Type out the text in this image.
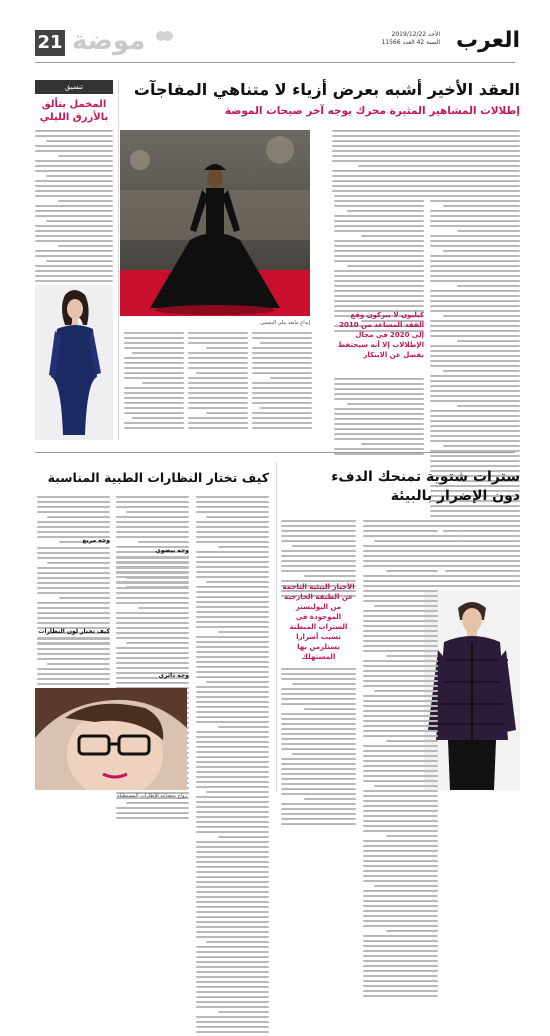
العرب
الأحد 2019/12/22
السنة 42 العدد 11566
موضة
21
العقد الأخير أشبه بعرض أزياء لا متناهي المفاجآت
إطلالات المشاهير المثيرة محرك يوجه آخر صيحات الموضة
تنسيق
المخمل يتألق
بالأزرق الليلي
إبداع مابعد بيلي البنسين
كيليون لا يبركون وقع الفقد المساعد من 2010 إلى 2020 في مجال الإطلالات إلا أنه سيحتفظ بفضل عن الابتكار
سترات شتوية تمنحك الدفء
دون الإضرار بالبيئة
الأخبار البيئية الناجمة عن الطبقة الخارجية من البوليستر الموجودة في السترات المبطنة تسبب أضرارا يستلزمن بها المستهلك
كيف تختار النظارات الطبية المناسبة
وجه بيضوي
وجه دائري
وجه مربع
كيف تختار لون النظارات
رواج متصاعد للإطارات المستطيلة
